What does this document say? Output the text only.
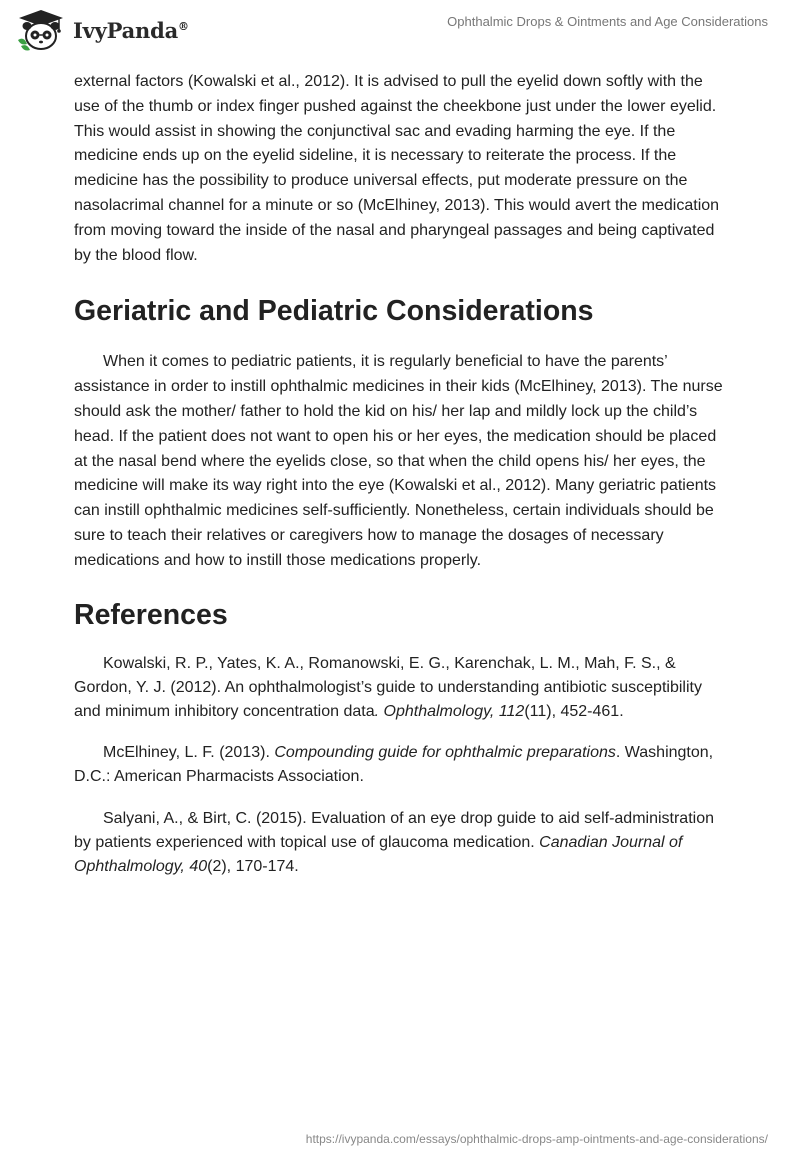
IvyPanda®	Ophthalmic Drops & Ointments and Age Considerations

external factors (Kowalski et al., 2012). It is advised to pull the eyelid down softly with the use of the thumb or index finger pushed against the cheekbone just under the lower eyelid. This would assist in showing the conjunctival sac and evading harming the eye. If the medicine ends up on the eyelid sideline, it is necessary to reiterate the process. If the medicine has the possibility to produce universal effects, put moderate pressure on the nasolacrimal channel for a minute or so (McElhiney, 2013). This would avert the medication from moving toward the inside of the nasal and pharyngeal passages and being captivated by the blood flow.

Geriatric and Pediatric Considerations

When it comes to pediatric patients, it is regularly beneficial to have the parents’ assistance in order to instill ophthalmic medicines in their kids (McElhiney, 2013). The nurse should ask the mother/ father to hold the kid on his/ her lap and mildly lock up the child’s head. If the patient does not want to open his or her eyes, the medication should be placed at the nasal bend where the eyelids close, so that when the child opens his/ her eyes, the medicine will make its way right into the eye (Kowalski et al., 2012). Many geriatric patients can instill ophthalmic medicines self-sufficiently. Nonetheless, certain individuals should be sure to teach their relatives or caregivers how to manage the dosages of necessary medications and how to instill those medications properly.

References

Kowalski, R. P., Yates, K. A., Romanowski, E. G., Karenchak, L. M., Mah, F. S., & Gordon, Y. J. (2012). An ophthalmologist’s guide to understanding antibiotic susceptibility and minimum inhibitory concentration data. Ophthalmology, 112(11), 452-461.

McElhiney, L. F. (2013). Compounding guide for ophthalmic preparations. Washington, D.C.: American Pharmacists Association.

Salyani, A., & Birt, C. (2015). Evaluation of an eye drop guide to aid self-administration by patients experienced with topical use of glaucoma medication. Canadian Journal of Ophthalmology, 40(2), 170-174.

https://ivypanda.com/essays/ophthalmic-drops-amp-ointments-and-age-considerations/
